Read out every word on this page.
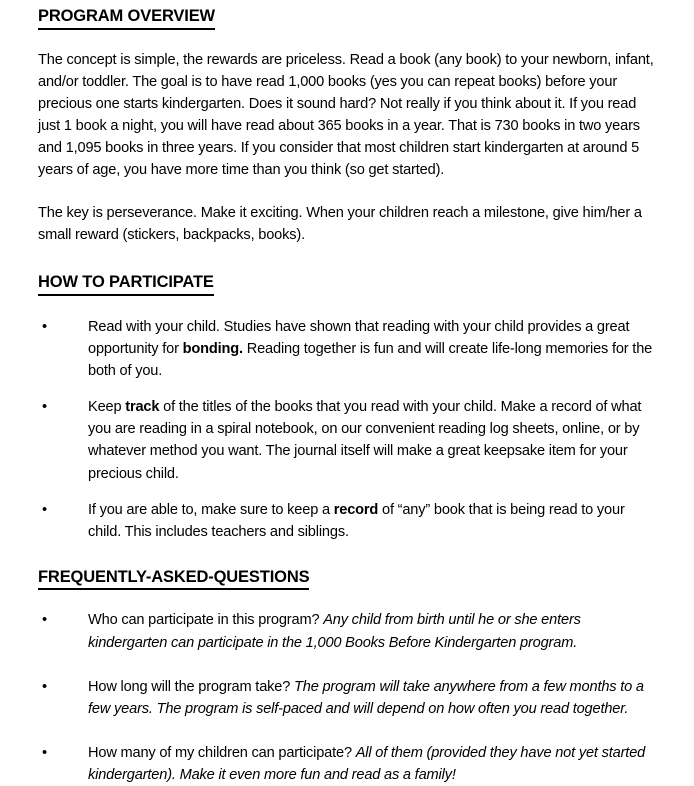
PROGRAM OVERVIEW

The concept is simple, the rewards are priceless. Read a book (any book) to your newborn, infant, and/or toddler. The goal is to have read 1,000 books (yes you can repeat books) before your precious one starts kindergarten. Does it sound hard? Not really if you think about it. If you read just 1 book a night, you will have read about 365 books in a year. That is 730 books in two years and 1,095 books in three years. If you consider that most children start kindergarten at around 5 years of age, you have more time than you think (so get started).

The key is perseverance. Make it exciting. When your children reach a milestone, give him/her a small reward (stickers, backpacks, books).

HOW TO PARTICIPATE
•	Read with your child. Studies have shown that reading with your child provides a great opportunity for bonding. Reading together is fun and will create life-long memories for the both of you.
•	Keep track of the titles of the books that you read with your child. Make a record of what you are reading in a spiral notebook, on our convenient reading log sheets, online, or by whatever method you want. The journal itself will make a great keepsake item for your precious child.
•	If you are able to, make sure to keep a record of “any” book that is being read to your child. This includes teachers and siblings.
FREQUENTLY-ASKED-QUESTIONS
•	Who can participate in this program? Any child from birth until he or she enters kindergarten can participate in the 1,000 Books Before Kindergarten program.
•	How long will the program take? The program will take anywhere from a few months to a few years. The program is self-paced and will depend on how often you read together.
•	How many of my children can participate? All of them (provided they have not yet started kindergarten). Make it even more fun and read as a family!
